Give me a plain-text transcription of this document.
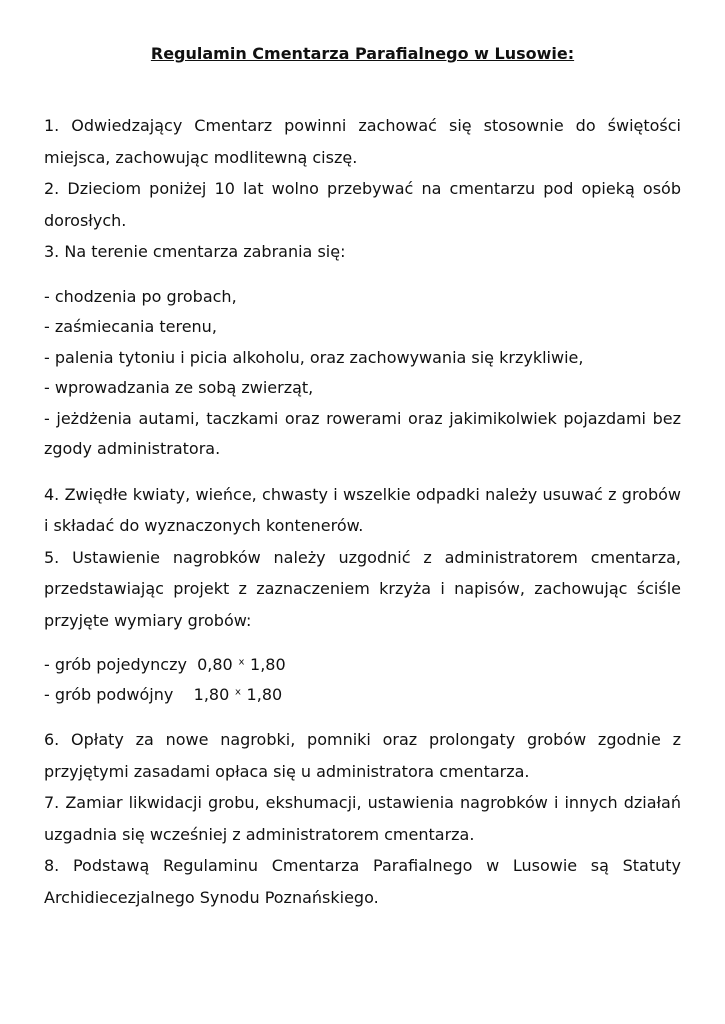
Regulamin Cmentarza Parafialnego w Lusowie:

1. Odwiedzający Cmentarz powinni zachować się stosownie do świętości miejsca, zachowując modlitewną ciszę.

2. Dzieciom poniżej 10 lat wolno przebywać na cmentarzu pod opieką osób dorosłych.

3. Na terenie cmentarza zabrania się:

- chodzenia po grobach,

- zaśmiecania terenu,

- palenia tytoniu i picia alkoholu, oraz zachowywania się krzykliwie,

- wprowadzania ze sobą zwierząt,

- jeżdżenia autami, taczkami oraz rowerami oraz jakimikolwiek pojazdami bez zgody administratora.

4. Zwiędłe kwiaty, wieńce, chwasty i wszelkie odpadki należy usuwać z grobów i składać do wyznaczonych kontenerów.

5. Ustawienie nagrobków należy uzgodnić z administratorem cmentarza, przedstawiając projekt z zaznaczeniem krzyża i napisów, zachowując ściśle przyjęte wymiary grobów:

- grób pojedynczy  0,80 ˣ 1,80

- grób podwójny    1,80 ˣ 1,80

6. Opłaty za nowe nagrobki, pomniki oraz prolongaty grobów zgodnie z przyjętymi zasadami opłaca się u administratora cmentarza.

7. Zamiar likwidacji grobu, ekshumacji, ustawienia nagrobków i innych działań uzgadnia się wcześniej z administratorem cmentarza.

8. Podstawą Regulaminu Cmentarza Parafialnego w Lusowie są Statuty Archidiecezjalnego Synodu Poznańskiego.
